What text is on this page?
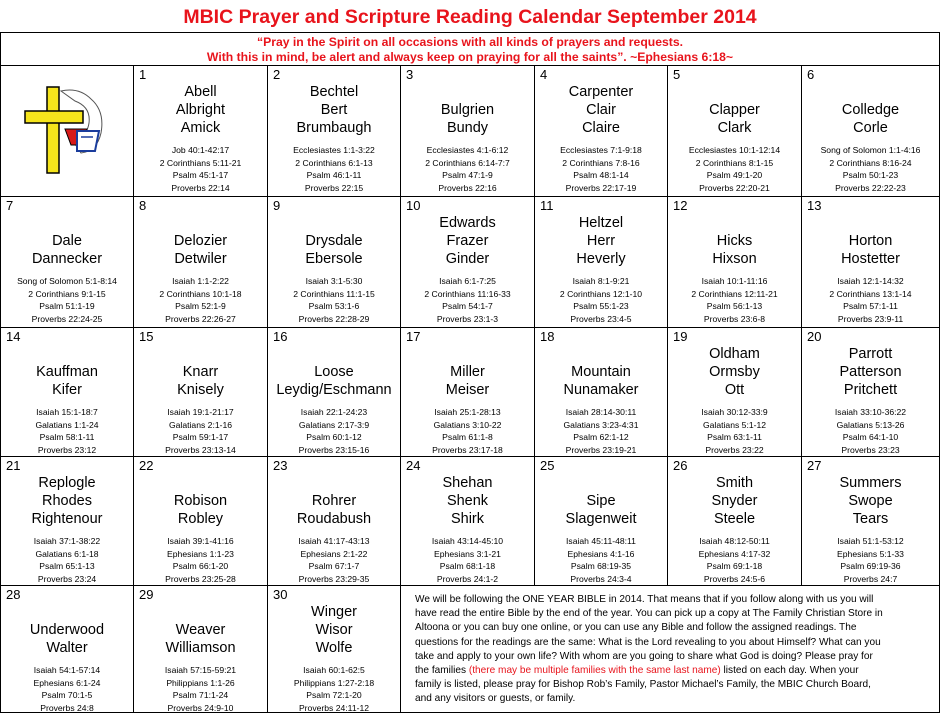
MBIC Prayer and Scripture Reading Calendar September 2014
“Pray in the Spirit on all occasions with all kinds of prayers and requests.
With this in mind, be alert and always keep on praying for all the saints”. ~Ephesians 6:18~
1
Abell
Albright
Amick
Job 40:1-42:17
2 Corinthians 5:11-21
Psalm 45:1-17
Proverbs 22:14
2
Bechtel
Bert
Brumbaugh
Ecclesiastes 1:1-3:22
2 Corinthians 6:1-13
Psalm 46:1-11
Proverbs 22:15
3
Bulgrien
Bundy
Ecclesiastes 4:1-6:12
2 Corinthians 6:14-7:7
Psalm 47:1-9
Proverbs 22:16
4
Carpenter
Clair
Claire
Ecclesiastes 7:1-9:18
2 Corinthians 7:8-16
Psalm 48:1-14
Proverbs 22:17-19
5
Clapper
Clark
Ecclesiastes 10:1-12:14
2 Corinthians 8:1-15
Psalm 49:1-20
Proverbs 22:20-21
6
Colledge
Corle
Song of Solomon 1:1-4:16
2 Corinthians 8:16-24
Psalm 50:1-23
Proverbs 22:22-23
7
Dale
Dannecker
Song of Solomon 5:1-8:14
2 Corinthians 9:1-15
Psalm 51:1-19
Proverbs 22:24-25
8
Delozier
Detwiler
Isaiah 1:1-2:22
2 Corinthians 10:1-18
Psalm 52:1-9
Proverbs 22:26-27
9
Drysdale
Ebersole
Isaiah 3:1-5:30
2 Corinthians 11:1-15
Psalm 53:1-6
Proverbs 22:28-29
10
Edwards
Frazer
Ginder
Isaiah 6:1-7:25
2 Corinthians 11:16-33
Psalm 54:1-7
Proverbs 23:1-3
11
Heltzel
Herr
Heverly
Isaiah 8:1-9:21
2 Corinthians 12:1-10
Psalm 55:1-23
Proverbs 23:4-5
12
Hicks
Hixson
Isaiah 10:1-11:16
2 Corinthians 12:11-21
Psalm 56:1-13
Proverbs 23:6-8
13
Horton
Hostetter
Isaiah 12:1-14:32
2 Corinthians 13:1-14
Psalm 57:1-11
Proverbs 23:9-11
14
Kauffman
Kifer
Isaiah 15:1-18:7
Galatians 1:1-24
Psalm 58:1-11
Proverbs 23:12
15
Knarr
Knisely
Isaiah 19:1-21:17
Galatians 2:1-16
Psalm 59:1-17
Proverbs 23:13-14
16
Loose
Leydig/Eschmann
Isaiah 22:1-24:23
Galatians 2:17-3:9
Psalm 60:1-12
Proverbs 23:15-16
17
Miller
Meiser
Isaiah 25:1-28:13
Galatians 3:10-22
Psalm 61:1-8
Proverbs 23:17-18
18
Mountain
Nunamaker
Isaiah 28:14-30:11
Galatians 3:23-4:31
Psalm 62:1-12
Proverbs 23:19-21
19
Oldham
Ormsby
Ott
Isaiah 30:12-33:9
Galatians 5:1-12
Psalm 63:1-11
Proverbs 23:22
20
Parrott
Patterson
Pritchett
Isaiah 33:10-36:22
Galatians 5:13-26
Psalm 64:1-10
Proverbs 23:23
21
Replogle
Rhodes
Rightenour
Isaiah 37:1-38:22
Galatians 6:1-18
Psalm 65:1-13
Proverbs 23:24
22
Robison
Robley
Isaiah 39:1-41:16
Ephesians 1:1-23
Psalm 66:1-20
Proverbs 23:25-28
23
Rohrer
Roudabush
Isaiah 41:17-43:13
Ephesians 2:1-22
Psalm 67:1-7
Proverbs 23:29-35
24
Shehan
Shenk
Shirk
Isaiah 43:14-45:10
Ephesians 3:1-21
Psalm 68:1-18
Proverbs 24:1-2
25
Sipe
Slagenweit
Isaiah 45:11-48:11
Ephesians 4:1-16
Psalm 68:19-35
Proverbs 24:3-4
26
Smith
Snyder
Steele
Isaiah 48:12-50:11
Ephesians 4:17-32
Psalm 69:1-18
Proverbs 24:5-6
27
Summers
Swope
Tears
Isaiah 51:1-53:12
Ephesians 5:1-33
Psalm 69:19-36
Proverbs 24:7
28
Underwood
Walter
Isaiah 54:1-57:14
Ephesians 6:1-24
Psalm 70:1-5
Proverbs 24:8
29
Weaver
Williamson
Isaiah 57:15-59:21
Philippians 1:1-26
Psalm 71:1-24
Proverbs 24:9-10
30
Winger
Wisor
Wolfe
Isaiah 60:1-62:5
Philippians 1:27-2:18
Psalm 72:1-20
Proverbs 24:11-12
We will be following the ONE YEAR BIBLE in 2014. That means that if you follow along with us you will
have read the entire Bible by the end of the year. You can pick up a copy at The Family Christian Store in
Altoona or you can buy one online, or you can use any Bible and follow the assigned readings. The
questions for the readings are the same: What is the Lord revealing to you about Himself? What can you
take and apply to your own life? With whom are you going to share what God is doing? Please pray for
the families (there may be multiple families with the same last name) listed on each day. When your
family is listed, please pray for Bishop Rob’s Family, Pastor Michael’s Family, the MBIC Church Board,
and any visitors or guests, or family.
